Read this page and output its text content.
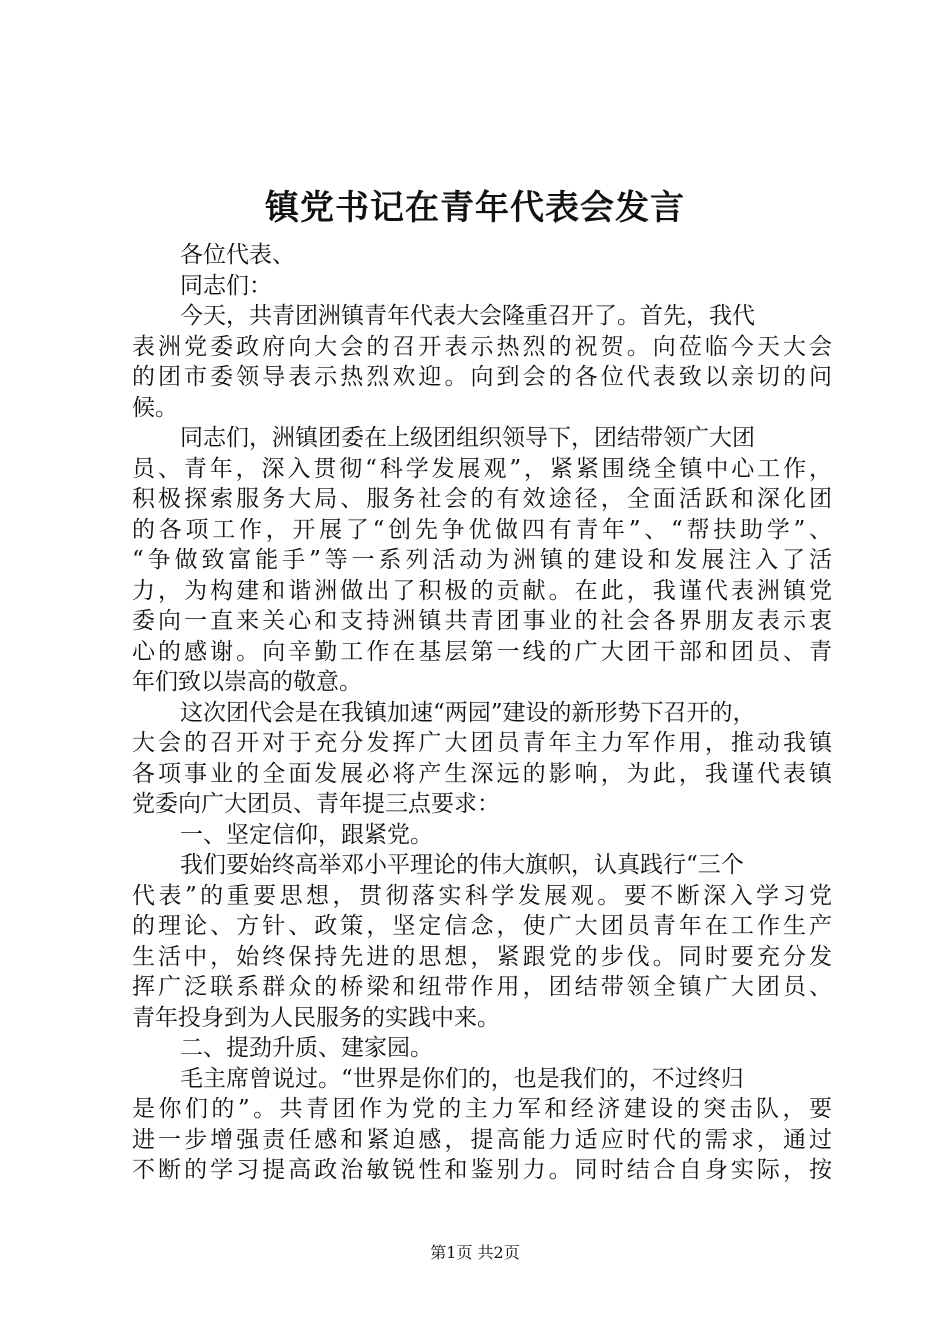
镇党书记在青年代表会发言
各位代表、
同志们：
今天，共青团洲镇青年代表大会隆重召开了。首先，我代
表洲党委政府向大会的召开表示热烈的祝贺。向莅临今天大会
的团市委领导表示热烈欢迎。向到会的各位代表致以亲切的问
候。
同志们，洲镇团委在上级团组织领导下，团结带领广大团
员、青年，深入贯彻“科学发展观”，紧紧围绕全镇中心工作，
积极探索服务大局、服务社会的有效途径，全面活跃和深化团
的各项工作，开展了“创先争优做四有青年”、“帮扶助学”、
“争做致富能手”等一系列活动为洲镇的建设和发展注入了活
力，为构建和谐洲做出了积极的贡献。在此，我谨代表洲镇党
委向一直来关心和支持洲镇共青团事业的社会各界朋友表示衷
心的感谢。向辛勤工作在基层第一线的广大团干部和团员、青
年们致以崇高的敬意。
这次团代会是在我镇加速“两园”建设的新形势下召开的，
大会的召开对于充分发挥广大团员青年主力军作用，推动我镇
各项事业的全面发展必将产生深远的影响，为此，我谨代表镇
党委向广大团员、青年提三点要求：
一、坚定信仰，跟紧党。
我们要始终高举邓小平理论的伟大旗帜，认真践行“三个
代表”的重要思想，贯彻落实科学发展观。要不断深入学习党
的理论、方针、政策，坚定信念，使广大团员青年在工作生产
生活中，始终保持先进的思想，紧跟党的步伐。同时要充分发
挥广泛联系群众的桥梁和纽带作用，团结带领全镇广大团员、
青年投身到为人民服务的实践中来。
二、提劲升质、建家园。
毛主席曾说过。“世界是你们的，也是我们的，不过终归
是你们的”。共青团作为党的主力军和经济建设的突击队，要
进一步增强责任感和紧迫感，提高能力适应时代的需求，通过
不断的学习提高政治敏锐性和鉴别力。同时结合自身实际，按
第1页 共2页
